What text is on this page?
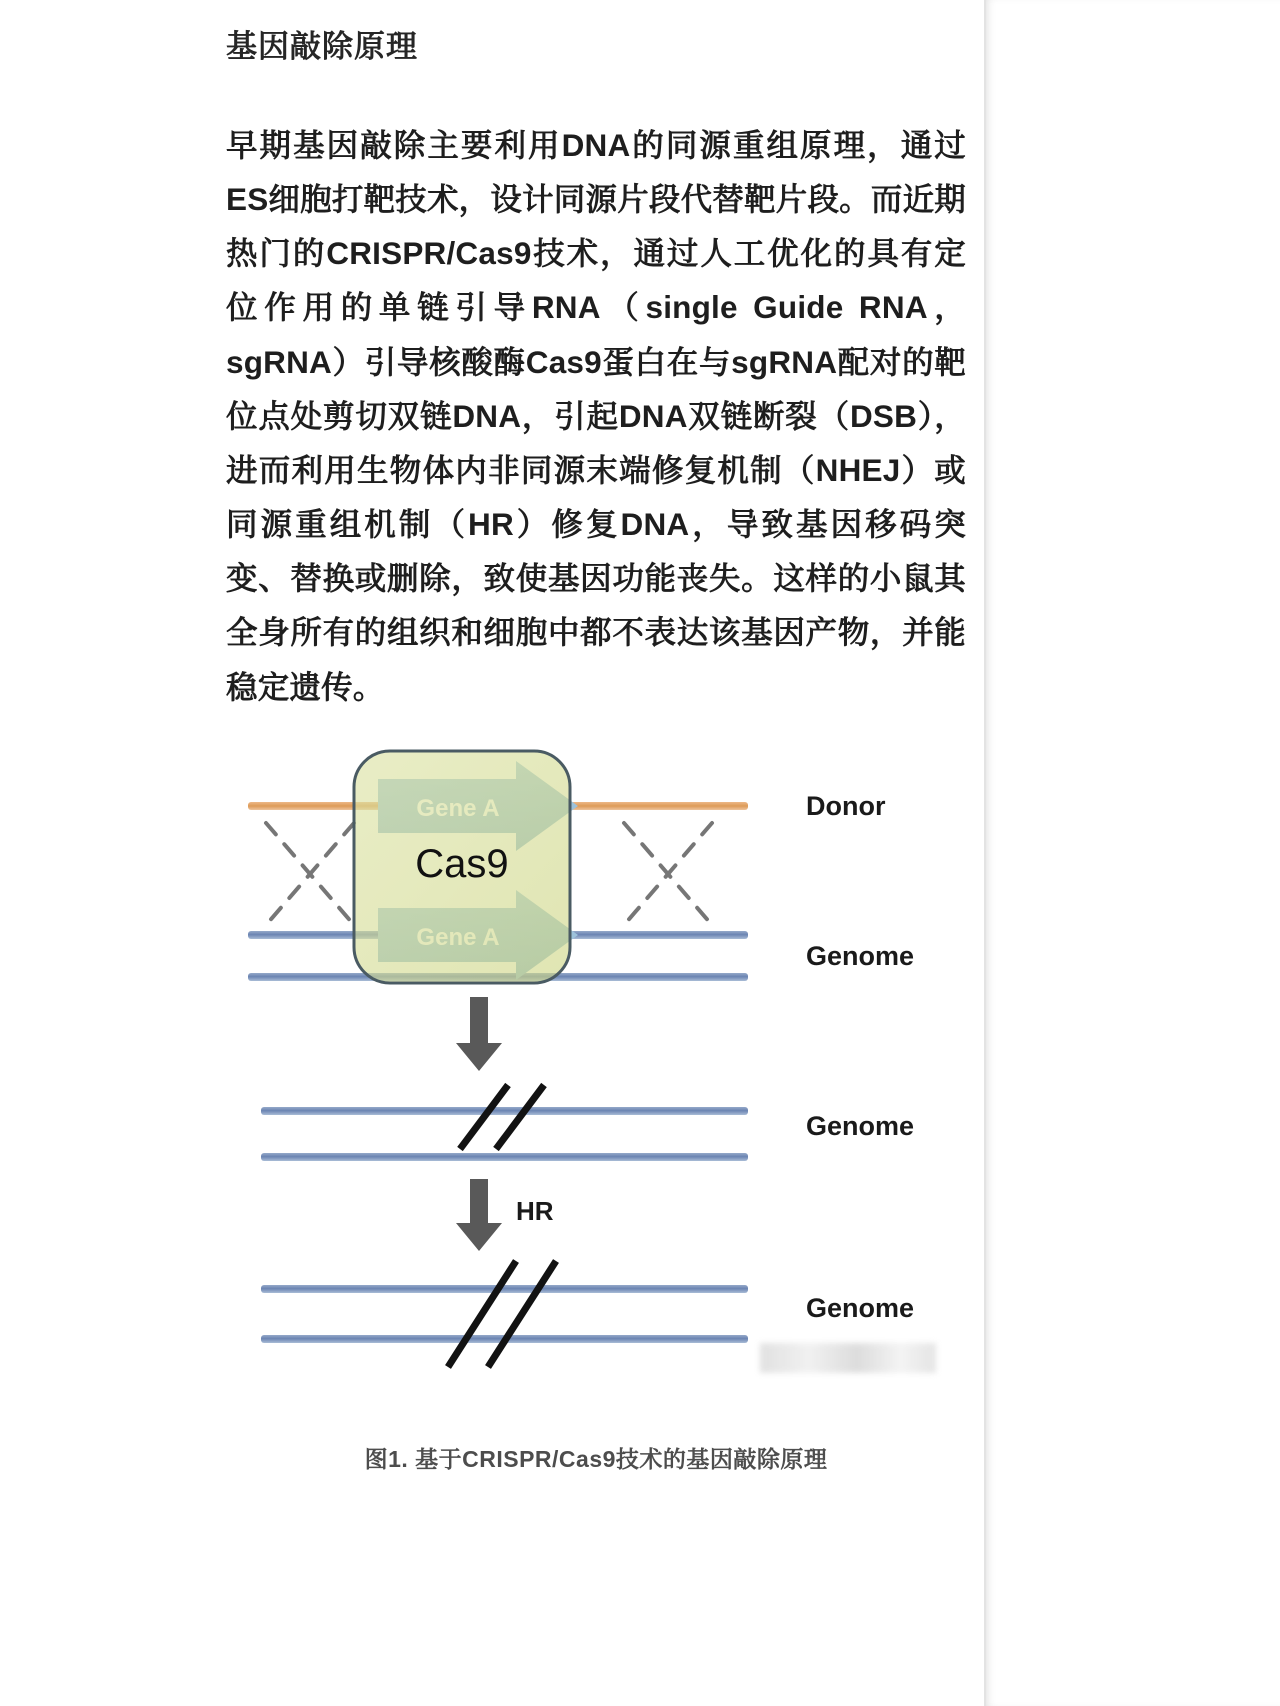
基因敲除原理

早期基因敲除主要利用DNA的同源重组原理，通过ES细胞打靶技术，设计同源片段代替靶片段。而近期热门的CRISPR/Cas9技术，通过人工优化的具有定位作用的单链引导RNA（single Guide RNA，sgRNA）引导核酸酶Cas9蛋白在与sgRNA配对的靶位点处剪切双链DNA，引起DNA双链断裂（DSB），进而利用生物体内非同源末端修复机制（NHEJ）或同源重组机制（HR）修复DNA，导致基因移码突变、替换或删除，致使基因功能丧失。这样的小鼠其全身所有的组织和细胞中都不表达该基因产物，并能稳定遗传。

Cas9
Donor
Genome
Genome
HR
Genome
图1. 基于CRISPR/Cas9技术的基因敲除原理
